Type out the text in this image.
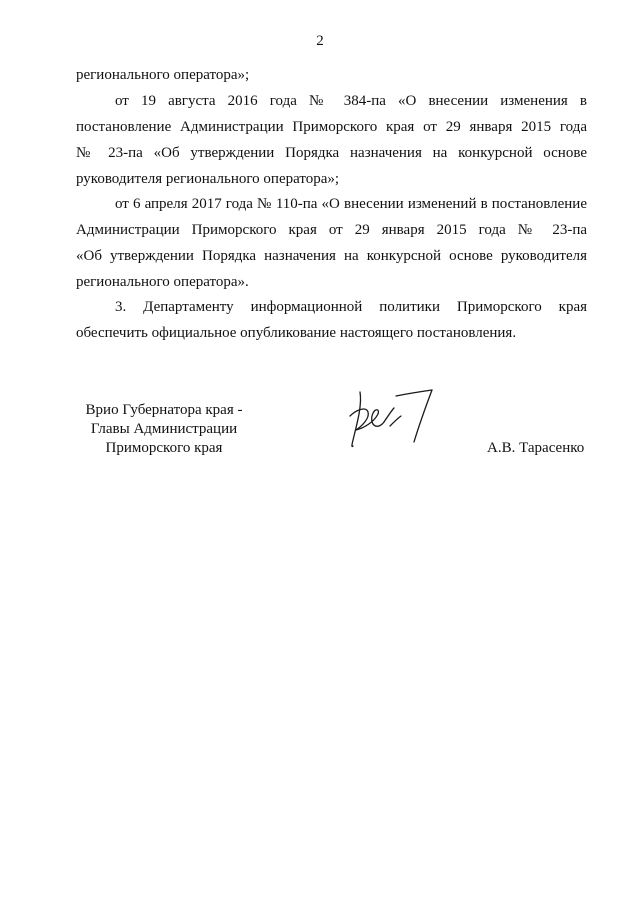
2
регионального оператора»;
от 19 августа 2016 года № 384-па «О внесении изменения в
постановление Администрации Приморского края от 29 января 2015 года
№ 23-па «Об утверждении Порядка назначения на конкурсной основе
руководителя регионального оператора»;
от 6 апреля 2017 года № 110-па «О внесении изменений в постановление
Администрации Приморского края от 29 января 2015 года № 23-па
«Об утверждении Порядка назначения на конкурсной основе руководителя
регионального оператора».
3. Департаменту информационной политики Приморского края
обеспечить официальное опубликование настоящего постановления.
Врио Губернатора края -
Главы Администрации
Приморского края	А.В. Тарасенко
